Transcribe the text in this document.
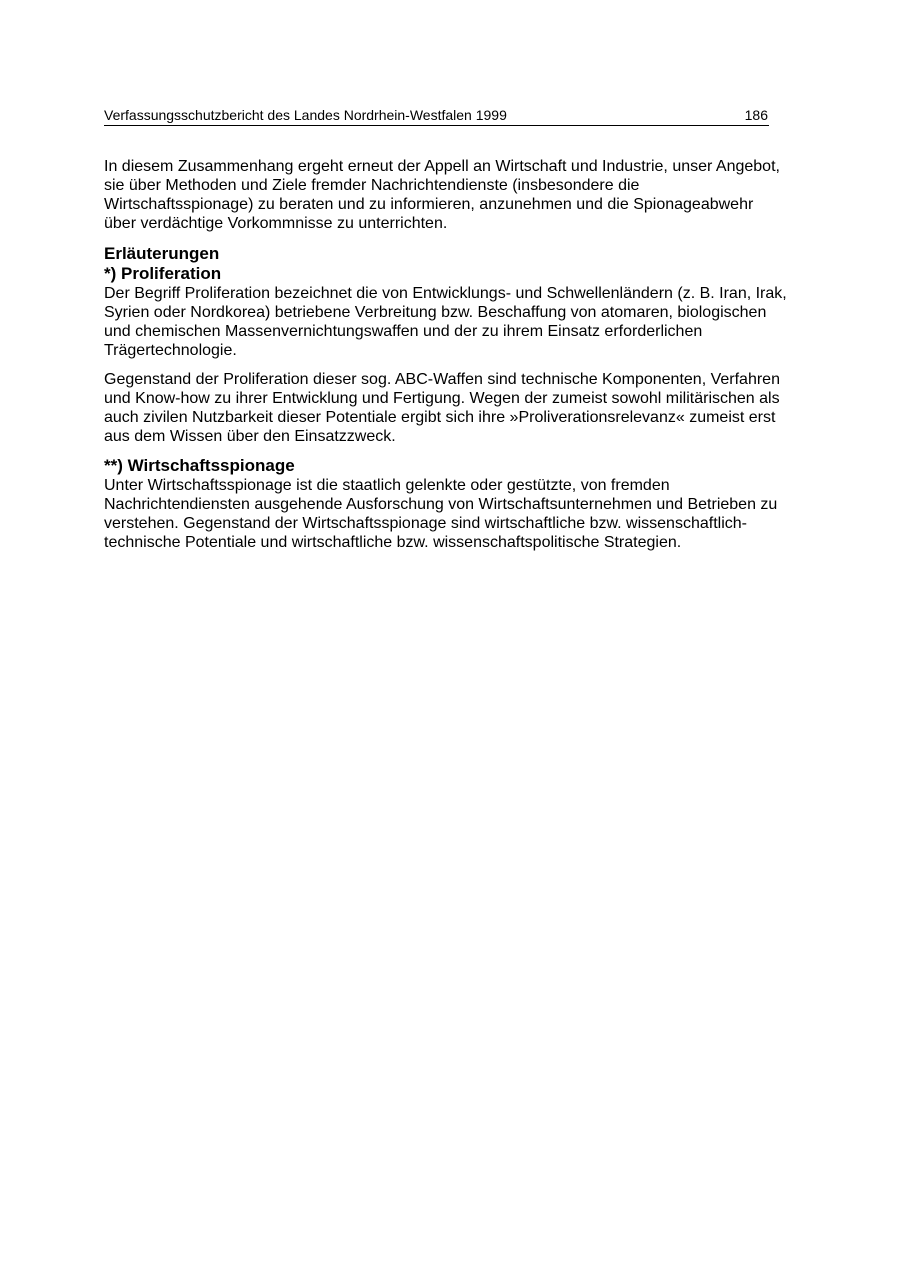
Verfassungsschutzbericht des Landes Nordrhein-Westfalen 1999	186

In diesem Zusammenhang ergeht erneut der Appell an Wirtschaft und Industrie, unser Angebot,
sie über Methoden und Ziele fremder Nachrichtendienste (insbesondere die
Wirtschaftsspionage) zu beraten und zu informieren, anzunehmen und die Spionageabwehr
über verdächtige Vorkommnisse zu unterrichten.

Erläuterungen
*) Proliferation

Der Begriff Proliferation bezeichnet die von Entwicklungs- und Schwellenländern (z. B. Iran, Irak,
Syrien oder Nordkorea) betriebene Verbreitung bzw. Beschaffung von atomaren, biologischen
und chemischen Massenvernichtungswaffen und der zu ihrem Einsatz erforderlichen
Trägertechnologie.

Gegenstand der Proliferation dieser sog. ABC-Waffen sind technische Komponenten, Verfahren
und Know-how zu ihrer Entwicklung und Fertigung. Wegen der zumeist sowohl militärischen als
auch zivilen Nutzbarkeit dieser Potentiale ergibt sich ihre »Proliverationsrelevanz« zumeist erst
aus dem Wissen über den Einsatzzweck.

**) Wirtschaftsspionage

Unter Wirtschaftsspionage ist die staatlich gelenkte oder gestützte, von fremden
Nachrichtendiensten ausgehende Ausforschung von Wirtschaftsunternehmen und Betrieben zu
verstehen. Gegenstand der Wirtschaftsspionage sind wirtschaftliche bzw. wissenschaftlich-
technische Potentiale und wirtschaftliche bzw. wissenschaftspolitische Strategien.
